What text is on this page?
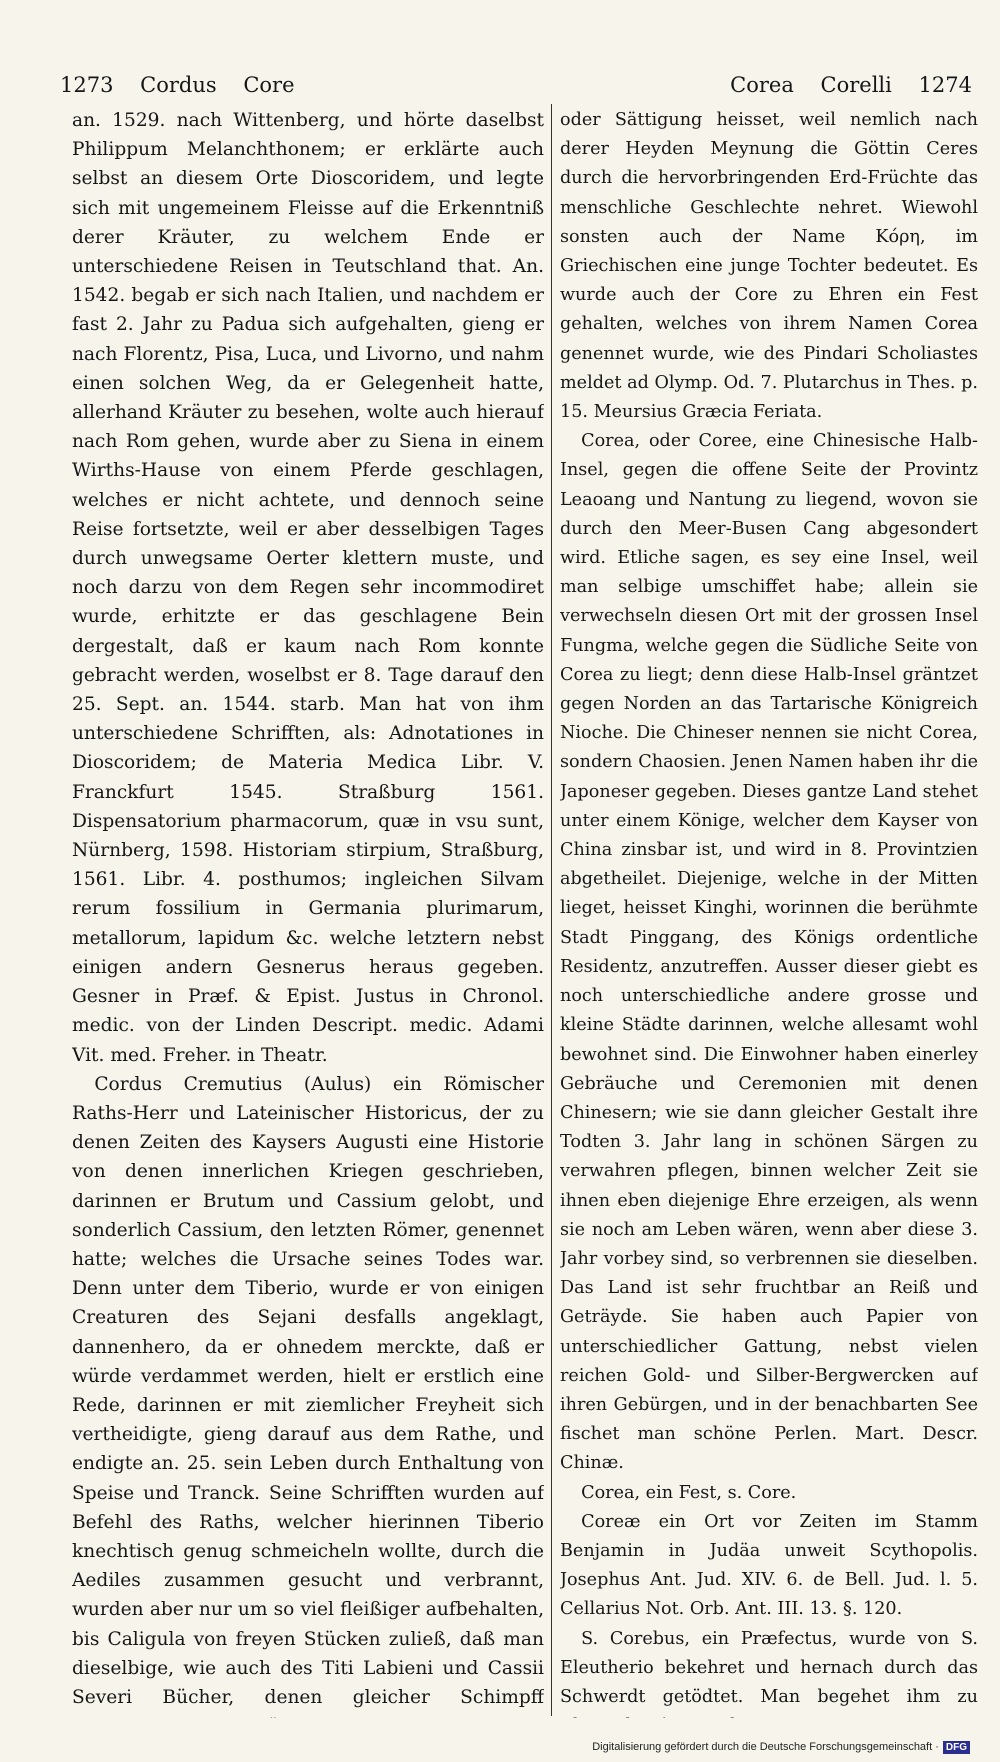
1273 Cordus Core	Corea Corelli 1274

an. 1529. nach Wittenberg, und hörte daselbst Philippum Melanchthonem; er erklärte auch selbst an diesem Orte Dioscoridem, und legte sich mit ungemeinem Fleisse auf die Erkenntniß derer Kräuter, zu welchem Ende er unterschiedene Reisen in Teutschland that. An. 1542. begab er sich nach Italien, und nachdem er fast 2. Jahr zu Padua sich aufgehalten, gieng er nach Florentz, Pisa, Luca, und Livorno, und nahm einen solchen Weg, da er Gelegenheit hatte, allerhand Kräuter zu besehen, wolte auch hierauf nach Rom gehen, wurde aber zu Siena in einem Wirths-Hause von einem Pferde geschlagen, welches er nicht achtete, und dennoch seine Reise fortsetzte, weil er aber desselbigen Tages durch unwegsame Oerter klettern muste, und noch darzu von dem Regen sehr incommodiret wurde, erhitzte er das geschlagene Bein dergestalt, daß er kaum nach Rom konnte gebracht werden, woselbst er 8. Tage darauf den 25. Sept. an. 1544. starb. Man hat von ihm unterschiedene Schrifften, als: Adnotationes in Dioscoridem; de Materia Medica Libr. V. Franckfurt 1545. Straßburg 1561. Dispensatorium pharmacorum, quæ in vsu sunt, Nürnberg, 1598. Historiam stirpium, Straßburg, 1561. Libr. 4. posthumos; ingleichen Silvam rerum fossilium in Germania plurimarum, metallorum, lapidum &c. welche letztern nebst einigen andern Gesnerus heraus gegeben. Gesner in Præf. & Epist. Justus in Chronol. medic. von der Linden Descript. medic. Adami Vit. med. Freher. in Theatr.

Cordus Cremutius (Aulus) ein Römischer Raths-Herr und Lateinischer Historicus, der zu denen Zeiten des Kaysers Augusti eine Historie von denen innerlichen Kriegen geschrieben, darinnen er Brutum und Cassium gelobt, und sonderlich Cassium, den letzten Römer, genennet hatte; welches die Ursache seines Todes war. Denn unter dem Tiberio, wurde er von einigen Creaturen des Sejani desfalls angeklagt, dannenhero, da er ohnedem merckte, daß er würde verdammet werden, hielt er erstlich eine Rede, darinnen er mit ziemlicher Freyheit sich vertheidigte, gieng darauf aus dem Rathe, und endigte an. 25. sein Leben durch Enthaltung von Speise und Tranck. Seine Schrifften wurden auf Befehl des Raths, welcher hierinnen Tiberio knechtisch genug schmeicheln wollte, durch die Aediles zusammen gesucht und verbrannt, wurden aber nur um so viel fleißiger aufbehalten, bis Caligula von freyen Stücken zuließ, daß man dieselbige, wie auch des Titi Labieni und Cassii Severi Bücher, denen gleicher Schimpff

oder Sättigung heisset, weil nemlich nach derer Heyden Meynung die Göttin Ceres durch die hervorbringenden Erd-Früchte das menschliche Geschlechte nehret. Wiewohl sonsten auch der Name Κόρη, im Griechischen eine junge Tochter bedeutet. Es wurde auch der Core zu Ehren ein Fest gehalten, welches von ihrem Namen Corea genennet wurde, wie des Pindari Scholiastes meldet ad Olymp. Od. 7. Plutarchus in Thes. p. 15. Meursius Græcia Feriata.

Corea, oder Coree, eine Chinesische Halb-Insel, gegen die offene Seite der Provintz Leaoang und Nantung zu liegend, wovon sie durch den Meer-Busen Cang abgesondert wird. Etliche sagen, es sey eine Insel, weil man selbige umschiffet habe; allein sie verwechseln diesen Ort mit der grossen Insel Fungma, welche gegen die Südliche Seite von Corea zu liegt; denn diese Halb-Insel gräntzet gegen Norden an das Tartarische Königreich Nioche. Die Chineser nennen sie nicht Corea, sondern Chaosien. Jenen Namen haben ihr die Japoneser gegeben. Dieses gantze Land stehet unter einem Könige, welcher dem Kayser von China zinsbar ist, und wird in 8. Provintzien abgetheilet. Diejenige, welche in der Mitten lieget, heisset Kinghi, worinnen die berühmte Stadt Pinggang, des Königs ordentliche Residentz, anzutreffen. Ausser dieser giebt es noch unterschiedliche andere grosse und kleine Städte darinnen, welche allesamt wohl bewohnet sind. Die Einwohner haben einerley Gebräuche und Ceremonien mit denen Chinesern; wie sie dann gleicher Gestalt ihre Todten 3. Jahr lang in schönen Särgen zu verwahren pflegen, binnen welcher Zeit sie ihnen eben diejenige Ehre erzeigen, als wenn sie noch am Leben wären, wenn aber diese 3. Jahr vorbey sind, so verbrennen sie dieselben. Das Land ist sehr fruchtbar an Reiß und Geträyde. Sie haben auch Papier von unterschiedlicher Gattung, nebst vielen reichen Gold- und Silber-Bergwercken auf ihren Gebürgen, und in der benachbarten See fischet man schöne Perlen. Mart. Descr. Chinæ.

Corea, ein Fest, s. Core.

Coreæ ein Ort vor Zeiten im Stamm Benjamin in Judäa unweit Scythopolis. Josephus Ant. Jud. XIV. 6. de Bell. Jud. l. 5. Cellarius Not. Orb. Ant. III. 13. §. 120.

S. Corebus, ein Præfectus, wurde von S. Eleutherio bekehret und hernach durch das Schwerdt getödtet. Man begehet ihm zu

Digitalisierung gefördert durch die Deutsche Forschungsgemeinschaft · DFG
